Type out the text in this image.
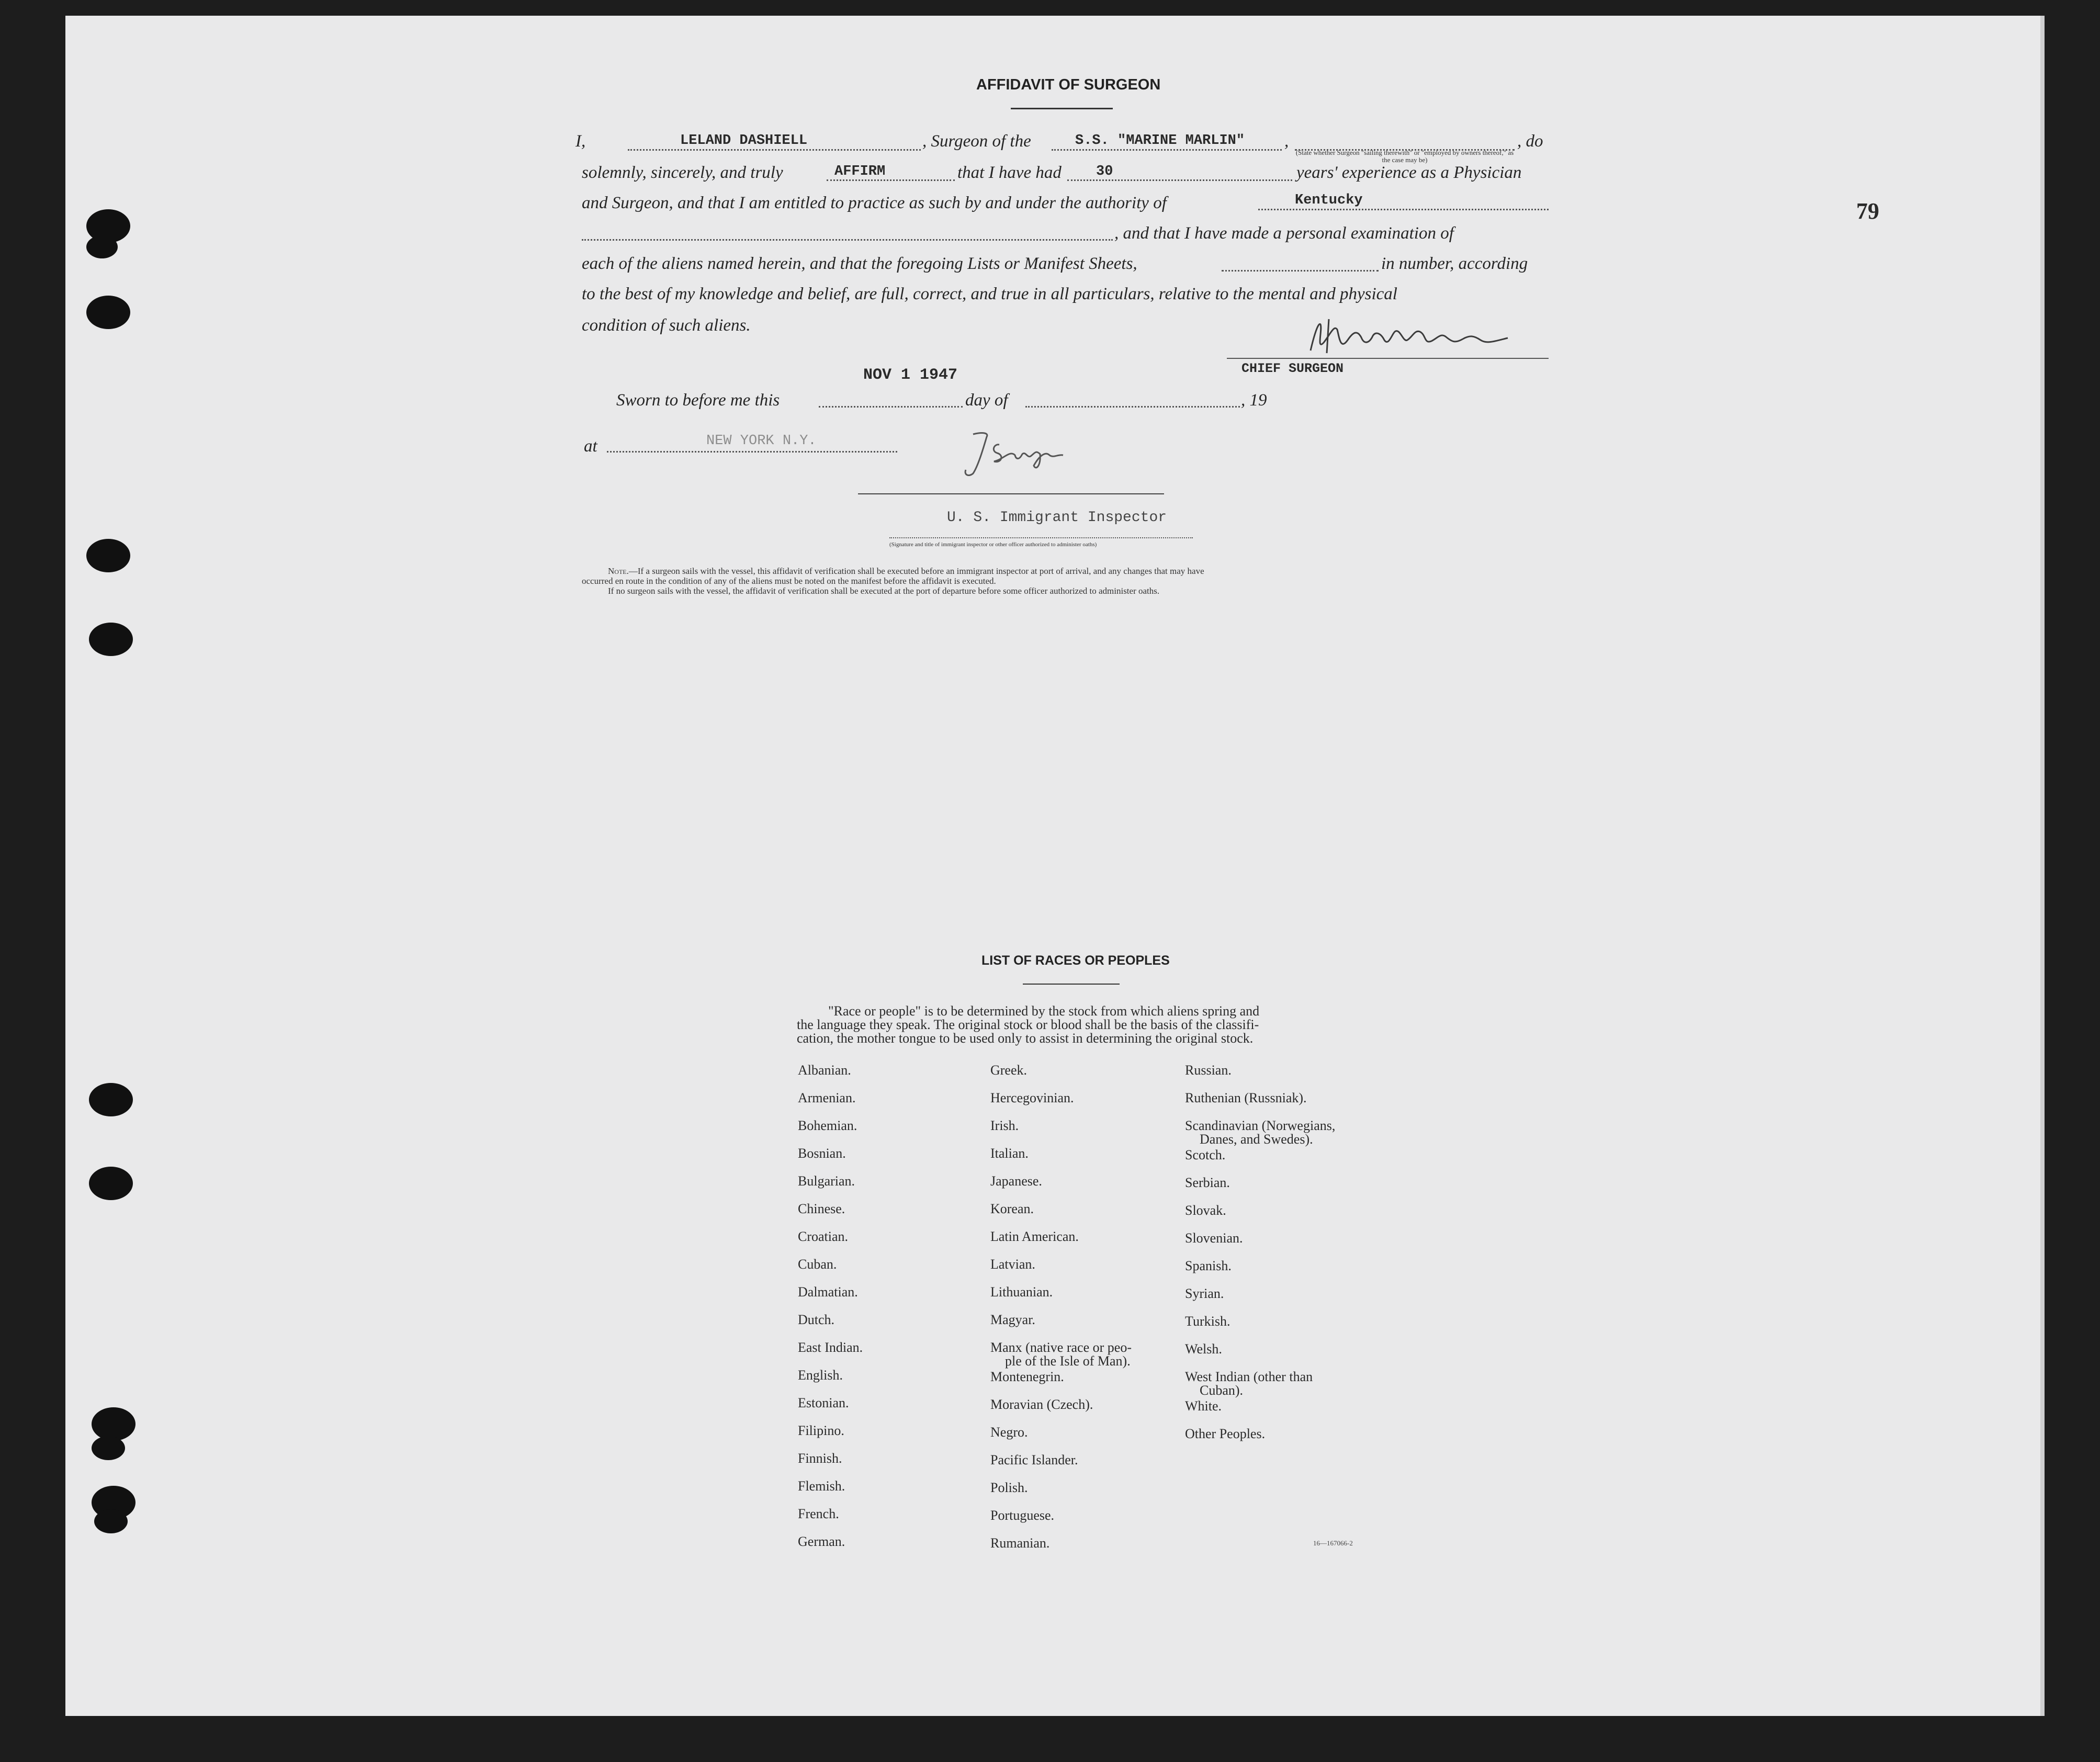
79
AFFIDAVIT OF SURGEON
I,	LELAND DASHIELL	, Surgeon of the	S.S. "MARINE MARLIN" ,
(State whether Surgeon "sailing therewith" or "employed by owners thereof," as the case may be)
, do
solemnly, sincerely, and truly	AFFIRM	that I have had 30	years' experience as a Physician
and Surgeon, and that I am entitled to practice as such by and under the authority of	Kentucky
, and that I have made a personal examination of
each of the aliens named herein, and that the foregoing Lists or Manifest Sheets,	in number, according
to the best of my knowledge and belief, are full, correct, and true in all particulars, relative to the mental and physical
condition of such aliens.
CHIEF SURGEON
NOV 1 1947
Sworn to before me this	day of	, 19
at	NEW YORK N.Y.
U. S. Immigrant Inspector
(Signature and title of immigrant inspector or other officer authorized to administer oaths)
Note.—If a surgeon sails with the vessel, this affidavit of verification shall be executed before an immigrant inspector at port of arrival, and any changes that may have
occurred en route in the condition of any of the aliens must be noted on the manifest before the affidavit is executed.
If no surgeon sails with the vessel, the affidavit of verification shall be executed at the port of departure before some officer authorized to administer oaths.
LIST OF RACES OR PEOPLES
"Race or people" is to be determined by the stock from which aliens spring and
the language they speak. The original stock or blood shall be the basis of the classifi-
cation, the mother tongue to be used only to assist in determining the original stock.
Albanian.
Armenian.
Bohemian.
Bosnian.
Bulgarian.
Chinese.
Croatian.
Cuban.
Dalmatian.
Dutch.
East Indian.
English.
Estonian.
Filipino.
Finnish.
Flemish.
French.
German.
Greek.
Hercegovinian.
Irish.
Italian.
Japanese.
Korean.
Latin American.
Latvian.
Lithuanian.
Magyar.
Manx (native race or peo-
ple of the Isle of Man).
Montenegrin.
Moravian (Czech).
Negro.
Pacific Islander.
Polish.
Portuguese.
Rumanian.
Russian.
Ruthenian (Russniak).
Scandinavian (Norwegians,
Danes, and Swedes).
Scotch.
Serbian.
Slovak.
Slovenian.
Spanish.
Syrian.
Turkish.
Welsh.
West Indian (other than
Cuban).
White.
Other Peoples.
16—167066-2
